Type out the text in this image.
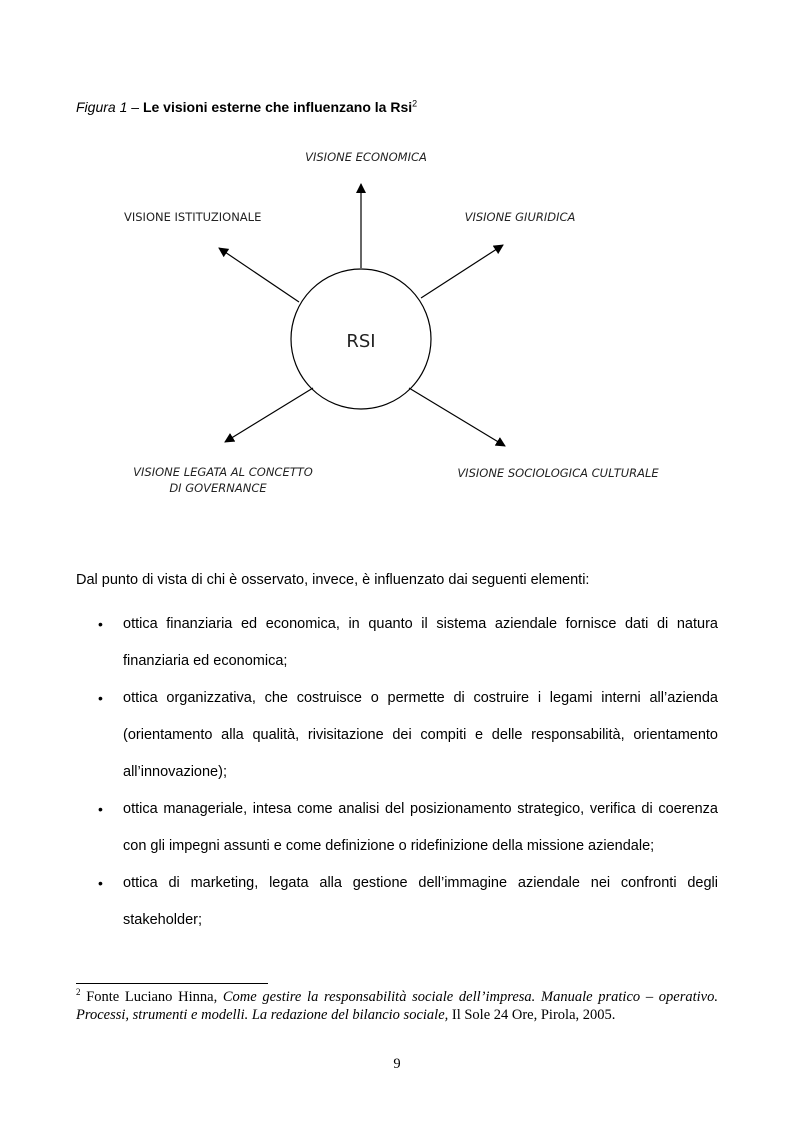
Figura 1 – Le visioni esterne che influenzano la Rsi$^2$
RSI
VISIONE ECONOMICA
VISIONE ISTITUZIONALE	VISIONE GIURIDICA
VISIONE LEGATA AL CONCETTO
DI GOVERNANCE
VISIONE SOCIOLOGICA CULTURALE
Dal punto di vista di chi è osservato, invece, è influenzato dai seguenti elementi:
• ottica finanziaria ed economica, in quanto il sistema aziendale fornisce dati di natura finanziaria ed economica;
• ottica organizzativa, che costruisce o permette di costruire i legami interni all’azienda (orientamento alla qualità, rivisitazione dei compiti e delle responsabilità, orientamento all’innovazione);
• ottica manageriale, intesa come analisi del posizionamento strategico, verifica di coerenza con gli impegni assunti e come definizione o ridefinizione della missione aziendale;
• ottica di marketing, legata alla gestione dell’immagine aziendale nei confronti degli stakeholder;
$^2$ Fonte Luciano Hinna, Come gestire la responsabilità sociale dell’impresa. Manuale pratico – operativo. Processi, strumenti e modelli. La redazione del bilancio sociale, Il Sole 24 Ore, Pirola, 2005.
9
